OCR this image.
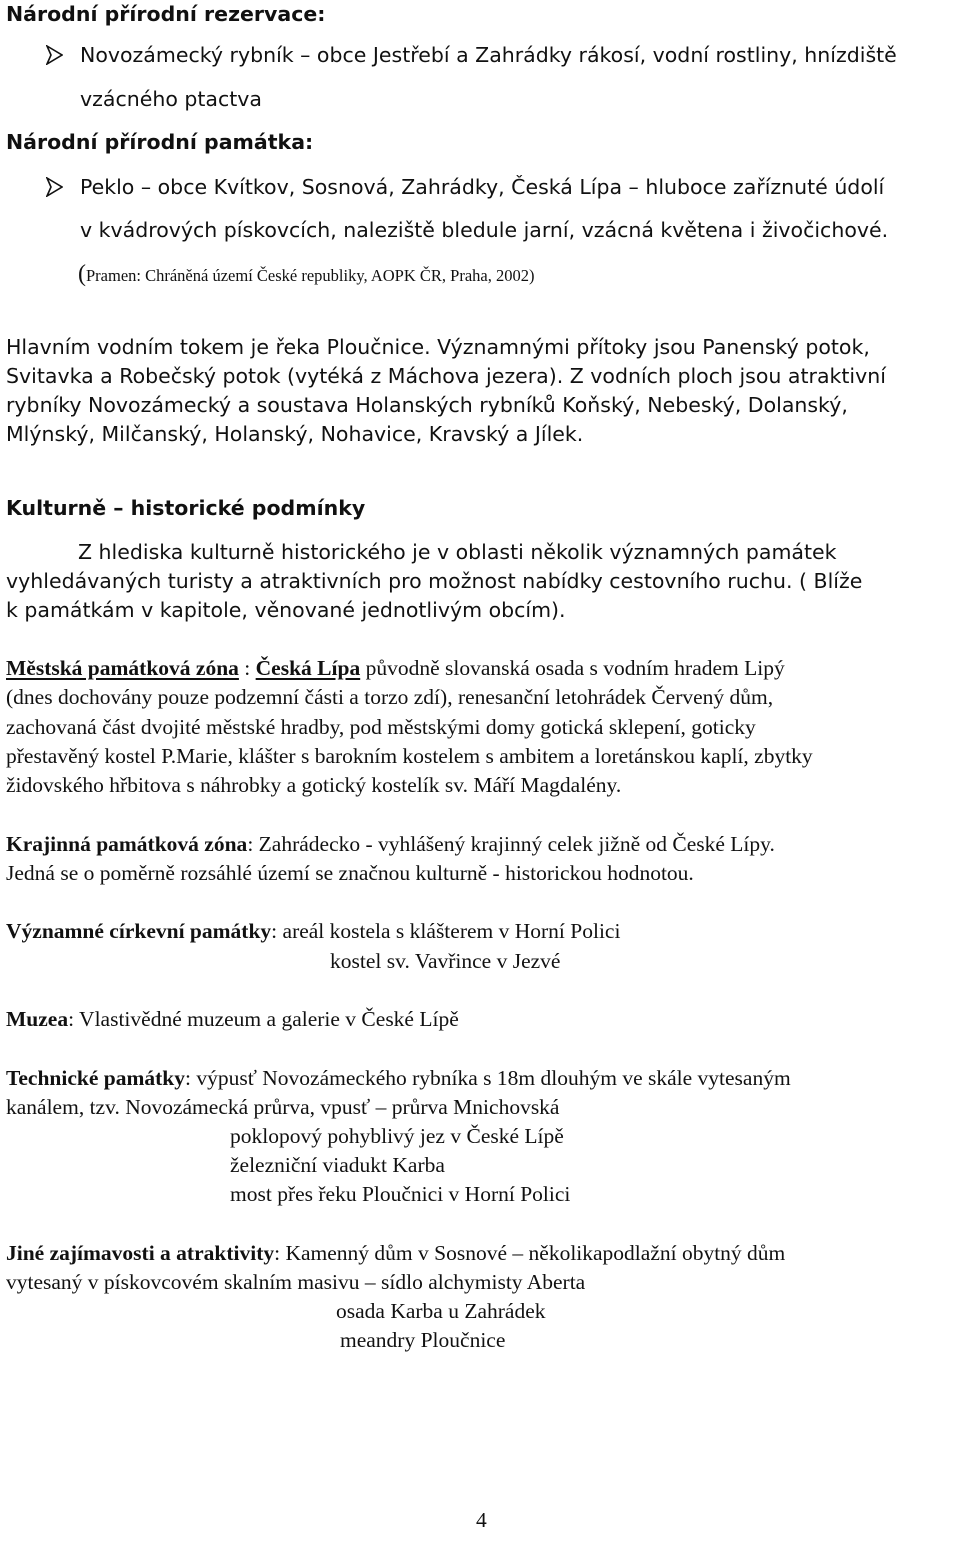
Národní přírodní rezervace:
Novozámecký rybník – obce Jestřebí a Zahrádky rákosí, vodní rostliny, hnízdiště
vzácného ptactva
Národní přírodní památka:
Peklo – obce Kvítkov, Sosnová, Zahrádky, Česká Lípa – hluboce zaříznuté údolí
v kvádrových pískovcích, naleziště bledule jarní, vzácná květena i živočichové.
(Pramen: Chráněná území České republiky, AOPK ČR, Praha, 2002)
Hlavním vodním tokem je řeka Ploučnice. Významnými přítoky jsou Panenský potok,
Svitavka a Robečský potok (vytéká z Máchova jezera). Z vodních ploch jsou atraktivní
rybníky Novozámecký a soustava Holanských rybníků Koňský, Nebeský, Dolanský,
Mlýnský, Milčanský, Holanský, Nohavice, Kravský a Jílek.
Kulturně – historické podmínky
Z hlediska kulturně historického je v oblasti několik významných památek
vyhledávaných turisty a atraktivních pro možnost nabídky cestovního ruchu. ( Blíže
k památkám v kapitole, věnované jednotlivým obcím).
Městská památková zóna : Česká Lípa původně slovanská osada s vodním hradem Lipý
(dnes dochovány pouze podzemní části a torzo zdí), renesanční letohrádek Červený dům,
zachovaná část dvojité městské hradby, pod městskými domy gotická sklepení, goticky
přestavěný kostel P.Marie, klášter s barokním kostelem s ambitem a loretánskou kaplí, zbytky
židovského hřbitova s náhrobky a gotický kostelík sv. Máří Magdalény.
Krajinná památková zóna: Zahrádecko - vyhlášený krajinný celek jižně od České Lípy.
Jedná se o poměrně rozsáhlé území se značnou kulturně - historickou hodnotou.
Významné církevní památky: areál kostela s klášterem v Horní Polici
kostel sv. Vavřince v Jezvé
Muzea: Vlastivědné muzeum a galerie v České Lípě
Technické památky: výpusť Novozámeckého rybníka s 18m dlouhým ve skále vytesaným
kanálem, tzv. Novozámecká průrva, vpusť – průrva Mnichovská
poklopový pohyblivý jez v České Lípě
železniční viadukt Karba
most přes řeku Ploučnici v Horní Polici
Jiné zajímavosti a atraktivity: Kamenný dům v Sosnové – několikapodlažní obytný dům
vytesaný v pískovcovém skalním masivu – sídlo alchymisty Aberta
osada Karba u Zahrádek
meandry Ploučnice
4
